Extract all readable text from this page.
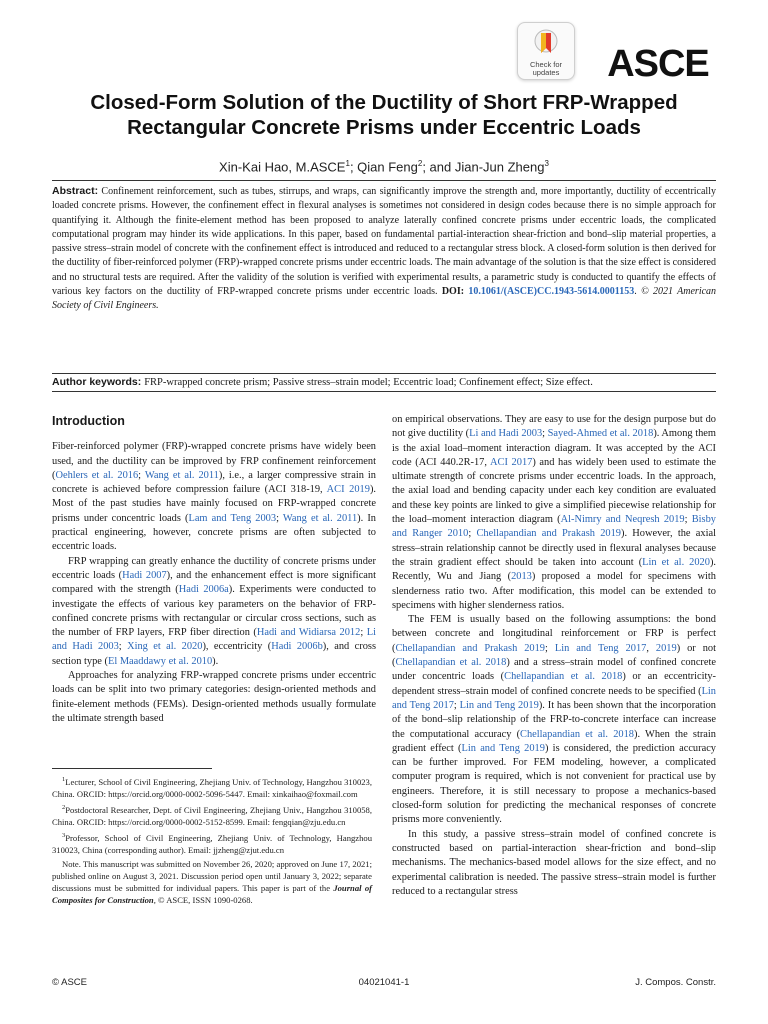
Check for updates	ASCE
Closed-Form Solution of the Ductility of Short FRP-Wrapped Rectangular Concrete Prisms under Eccentric Loads
Xin-Kai Hao, M.ASCE$^1$; Qian Feng$^2$; and Jian-Jun Zheng$^3$
Abstract: Confinement reinforcement, such as tubes, stirrups, and wraps, can significantly improve the strength and, more importantly, ductility of eccentrically loaded concrete prisms. However, the confinement effect in flexural analyses is sometimes not considered in design codes because there is no simple approach for quantifying it. Although the finite-element method has been proposed to analyze laterally confined concrete prisms under eccentric loads, the complicated computational program may hinder its wide applications. In this paper, based on fundamental partial-interaction shear-friction and bond–slip material properties, a passive stress–strain model of concrete with the confinement effect is introduced and reduced to a rectangular stress block. A closed-form solution is then derived for the ductility of fiber-reinforced polymer (FRP)-wrapped concrete prisms under eccentric loads. The main advantage of the solution is that the size effect is considered and no structural tests are required. After the validity of the solution is verified with experimental results, a parametric study is conducted to quantify the effects of various key factors on the ductility of FRP-wrapped concrete prisms under eccentric loads. DOI: 10.1061/(ASCE)CC.1943-5614.0001153. © 2021 American Society of Civil Engineers.
Author keywords: FRP-wrapped concrete prism; Passive stress–strain model; Eccentric load; Confinement effect; Size effect.
Introduction

Fiber-reinforced polymer (FRP)-wrapped concrete prisms have widely been used, and the ductility can be improved by FRP confinement reinforcement (Oehlers et al. 2016; Wang et al. 2011), i.e., a larger compressive strain in concrete is achieved before compression failure (ACI 318-19, ACI 2019). Most of the past studies have mainly focused on FRP-wrapped concrete prisms under concentric loads (Lam and Teng 2003; Wang et al. 2011). In practical engineering, however, concrete prisms are often subjected to eccentric loads.

FRP wrapping can greatly enhance the ductility of concrete prisms under eccentric loads (Hadi 2007), and the enhancement effect is more significant compared with the strength (Hadi 2006a). Experiments were conducted to investigate the effects of various key parameters on the behavior of FRP-confined concrete prisms with rectangular or circular cross sections, such as the number of FRP layers, FRP fiber direction (Hadi and Widiarsa 2012; Li and Hadi 2003; Xing et al. 2020), eccentricity (Hadi 2006b), and cross section type (El Maaddawy et al. 2010).

Approaches for analyzing FRP-wrapped concrete prisms under eccentric loads can be split into two primary categories: design-oriented methods and finite-element methods (FEMs). Design-oriented methods usually formulate the ultimate strength based

on empirical observations. They are easy to use for the design purpose but do not give ductility (Li and Hadi 2003; Sayed-Ahmed et al. 2018). Among them is the axial load–moment interaction diagram. It was accepted by the ACI code (ACI 440.2R-17, ACI 2017) and has widely been used to estimate the ultimate strength of concrete prisms under eccentric loads. In the approach, the axial load and bending capacity under each key condition are evaluated and these key points are linked to give a simplified piecewise relationship for the load–moment interaction diagram (Al-Nimry and Neqresh 2019; Bisby and Ranger 2010; Chellapandian and Prakash 2019). However, the axial stress–strain relationship cannot be directly used in flexural analyses because the strain gradient effect should be taken into account (Lin et al. 2020). Recently, Wu and Jiang (2013) proposed a model for specimens with slenderness ratio two. After modification, this model can be extended to specimens with higher slenderness ratios.

The FEM is usually based on the following assumptions: the bond between concrete and longitudinal reinforcement or FRP is perfect (Chellapandian and Prakash 2019; Lin and Teng 2017, 2019) or not (Chellapandian et al. 2018) and a stress–strain model of confined concrete under concentric loads (Chellapandian et al. 2018) or an eccentricity-dependent stress–strain model of confined concrete needs to be specified (Lin and Teng 2017; Lin and Teng 2019). It has been shown that the incorporation of the bond–slip relationship of the FRP-to-concrete interface can increase the computational accuracy (Chellapandian et al. 2018). When the strain gradient effect (Lin and Teng 2019) is considered, the prediction accuracy can be further improved. For FEM modeling, however, a complicated computer program is required, which is not convenient for practical use by engineers. Therefore, it is still necessary to propose a mechanics-based closed-form solution for predicting the mechanical responses of concrete prisms more conveniently.

In this study, a passive stress–strain model of confined concrete is constructed based on partial-interaction shear-friction and bond–slip mechanisms. The mechanics-based model allows for the size effect, and no experimental calibration is needed. The passive stress–strain model is further reduced to a rectangular stress

$^1$Lecturer, School of Civil Engineering, Zhejiang Univ. of Technology, Hangzhou 310023, China. ORCID: https://orcid.org/0000-0002-5096-5447. Email: xinkaihao@foxmail.com

$^2$Postdoctoral Researcher, Dept. of Civil Engineering, Zhejiang Univ., Hangzhou 310058, China. ORCID: https://orcid.org/0000-0002-5152-8599. Email: fengqian@zju.edu.cn

$^3$Professor, School of Civil Engineering, Zhejiang Univ. of Technology, Hangzhou 310023, China (corresponding author). Email: jjzheng@zjut.edu.cn

Note. This manuscript was submitted on November 26, 2020; approved on June 17, 2021; published online on August 3, 2021. Discussion period open until January 3, 2022; separate discussions must be submitted for individual papers. This paper is part of the Journal of Composites for Construction, © ASCE, ISSN 1090-0268.

© ASCE	04021041-1	J. Compos. Constr.
